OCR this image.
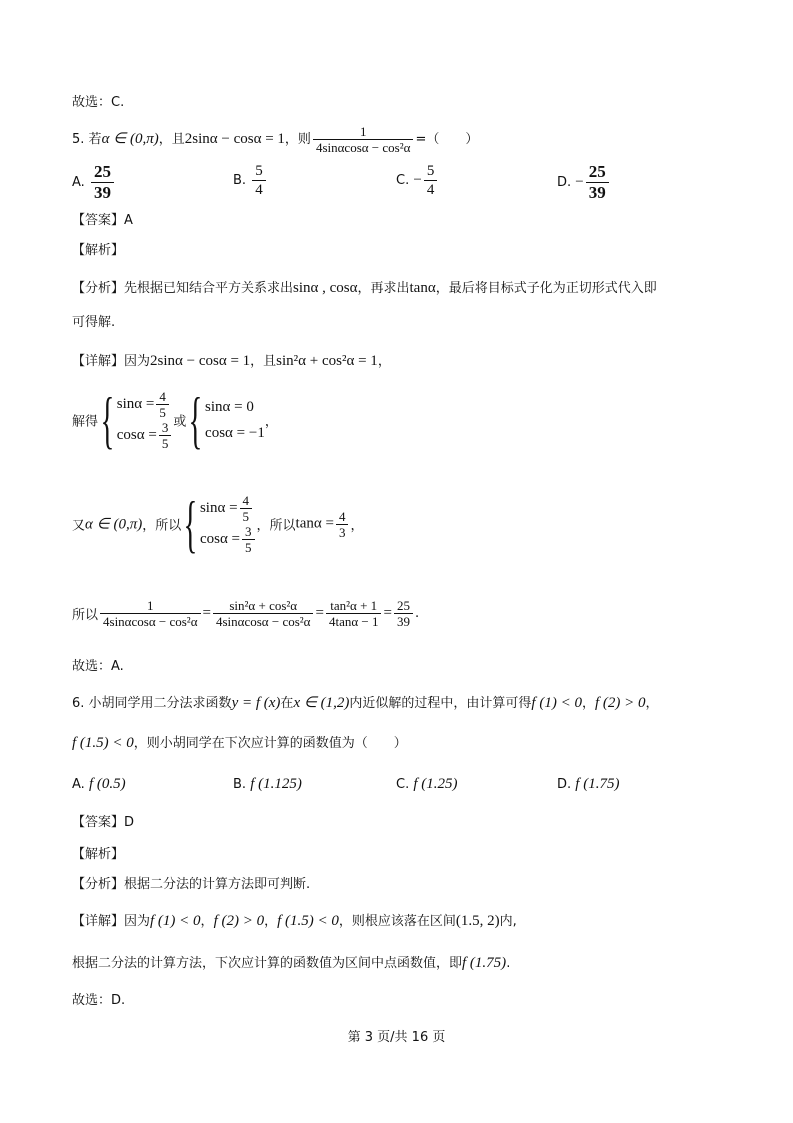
故选：C.
5. 若α ∈ (0,π)，且2sinα − cosα = 1，则 $\frac{1}{\text{4sinαcosα − cos²α}}$ =（　　）
A. $\frac{25}{39}$	B. $\frac{5}{4}$	C. − $\frac{5}{4}$	D. − $\frac{25}{39}$
【答案】A
【解析】
【分析】先根据已知结合平方关系求出sinα , cosα，再求出tanα，最后将目标式子化为正切形式代入即
可得解.
【详解】因为2sinα − cosα = 1，且sin²α + cos²α = 1，
解得{ $\sin\alpha = \frac{4}{5}$
$\cos\alpha = \frac{3}{5}$ 或{ sinα = 0
cosα = −1
，
又α ∈ (0,π)，所以{ $\sin\alpha = \frac{4}{5}$
$\cos\alpha = \frac{3}{5}$ ，所以$\tan\alpha = \frac{4}{3}$ ，
所以 $\frac{1}{\text{4sinαcosα − cos²α}} = \frac{\text{sin²α + cos²α}}{\text{4sinαcosα − cos²α}} = \frac{\text{tan²α + 1}}{4\tan\alpha - 1} = \frac{25}{39}$ .
故选：A.
6. 小胡同学用二分法求函数y = f (x)在x ∈ (1,2)内近似解的过程中，由计算可得f (1) < 0，f (2) > 0，
f (1.5) < 0，则小胡同学在下次应计算的函数值为（　　）
A. f (0.5)	B. f (1.125)	C. f (1.25)	D. f (1.75)
【答案】D
【解析】
【分析】根据二分法的计算方法即可判断.
【详解】因为f (1) < 0，f (2) > 0，f (1.5) < 0，则根应该落在区间(1.5, 2)内,
根据二分法的计算方法，下次应计算的函数值为区间中点函数值，即f (1.75).
故选：D.
第 3 页/共 16 页
